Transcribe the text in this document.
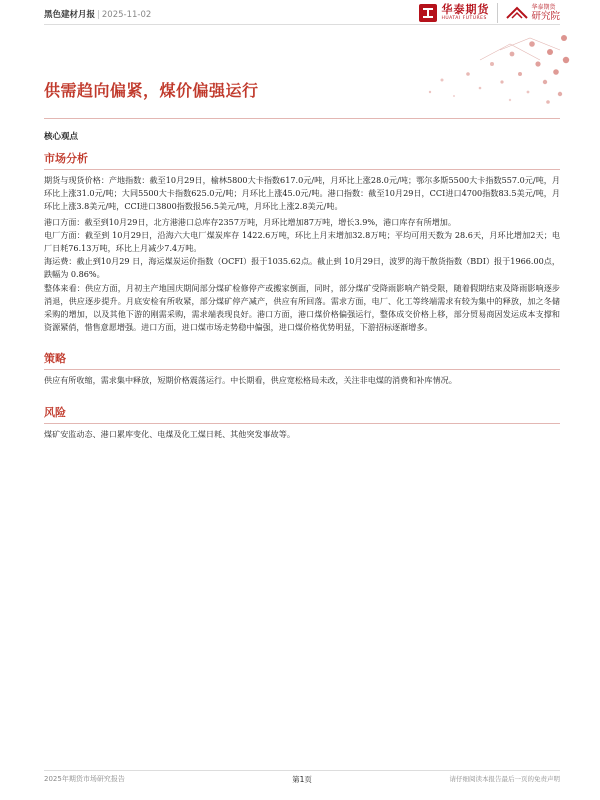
黑色建材月报 | 2025-11-02	华泰期货
HUATAI FUTURES
华泰期货
研究院
供需趋向偏紧，煤价偏强运行
核心观点
市场分析

期货与现货价格：产地指数：截至10月29日，榆林5800大卡指数617.0元/吨，月环比上涨28.0元/吨；鄂尔多斯5500大卡指数557.0元/吨，月环比上涨31.0元/吨；大同5500大卡指数625.0元/吨；月环比上涨45.0元/吨。港口指数：截至10月29日，CCI进口4700指数83.5美元/吨，月环比上涨3.8美元/吨，CCI进口3800指数报56.5美元/吨，月环比上涨2.8美元/吨。

港口方面：截至到10月29日，北方港港口总库存2357万吨，月环比增加87万吨，增长3.9%，港口库存有所增加。

电厂方面：截至到 10月29日，沿海六大电厂煤炭库存 1422.6万吨，环比上月末增加32.8万吨；平均可用天数为 28.6天，月环比增加2天；电厂日耗76.13万吨，环比上月减少7.4万吨。

海运费：截止到10月29 日，海运煤炭运价指数（OCFI）报于1035.62点。截止到 10月29日，波罗的海干散货指数（BDI）报于1966.00点，跌幅为 0.86%。

整体来看：供应方面，月初主产地国庆期间部分煤矿检修停产或搬家倒面，同时，部分煤矿受降雨影响产销受限，随着假期结束及降雨影响逐步消退，供应逐步提升。月底安检有所收紧，部分煤矿停产减产，供应有所回落。需求方面，电厂、化工等终端需求有较为集中的释放，加之冬储采购的增加，以及其他下游的刚需采购，需求端表现良好。港口方面，港口煤价格偏强运行，整体成交价格上移，部分贸易商因发运成本支撑和资源紧俏，惜售意愿增强。进口方面，进口煤市场走势稳中偏强，进口煤价格优势明显，下游招标逐渐增多。

策略

供应有所收缩，需求集中释放，短期价格震荡运行。中长期看，供应宽松格局未改，关注非电煤的消费和补库情况。

风险

煤矿安监动态、港口累库变化、电煤及化工煤日耗、其他突发事故等。

2025年期货市场研究报告	第1页	请仔细阅读本报告最后一页的免责声明
